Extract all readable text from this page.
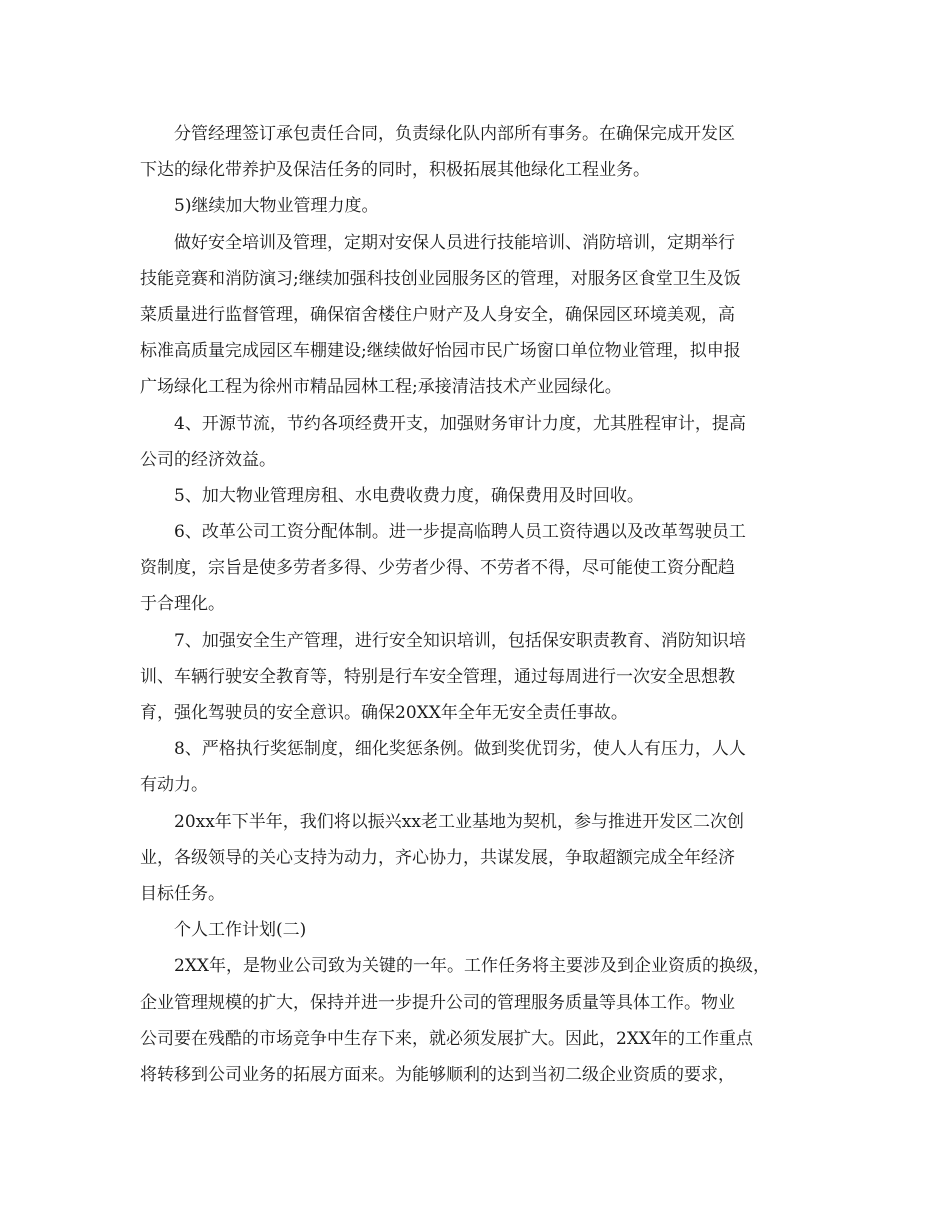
分管经理签订承包责任合同，负责绿化队内部所有事务。在确保完成开发区

下达的绿化带养护及保洁任务的同时，积极拓展其他绿化工程业务。

5)继续加大物业管理力度。

做好安全培训及管理，定期对安保人员进行技能培训、消防培训，定期举行

技能竞赛和消防演习;继续加强科技创业园服务区的管理，对服务区食堂卫生及饭

菜质量进行监督管理，确保宿舍楼住户财产及人身安全，确保园区环境美观，高

标准高质量完成园区车棚建设;继续做好怡园市民广场窗口单位物业管理，拟申报

广场绿化工程为徐州市精品园林工程;承接清洁技术产业园绿化。

4、开源节流，节约各项经费开支，加强财务审计力度，尤其胜程审计，提高

公司的经济效益。

5、加大物业管理房租、水电费收费力度，确保费用及时回收。

6、改革公司工资分配体制。进一步提高临聘人员工资待遇以及改革驾驶员工

资制度，宗旨是使多劳者多得、少劳者少得、不劳者不得，尽可能使工资分配趋

于合理化。

7、加强安全生产管理，进行安全知识培训，包括保安职责教育、消防知识培

训、车辆行驶安全教育等，特别是行车安全管理，通过每周进行一次安全思想教

育，强化驾驶员的安全意识。确保20XX年全年无安全责任事故。

8、严格执行奖惩制度，细化奖惩条例。做到奖优罚劣，使人人有压力，人人

有动力。

20xx年下半年，我们将以振兴xx老工业基地为契机，参与推进开发区二次创

业，各级领导的关心支持为动力，齐心协力，共谋发展，争取超额完成全年经济

目标任务。

个人工作计划(二)

2XX年，是物业公司致为关键的一年。工作任务将主要涉及到企业资质的换级，

企业管理规模的扩大，保持并进一步提升公司的管理服务质量等具体工作。物业

公司要在残酷的市场竞争中生存下来，就必须发展扩大。因此，2XX年的工作重点

将转移到公司业务的拓展方面来。为能够顺利的达到当初二级企业资质的要求，
